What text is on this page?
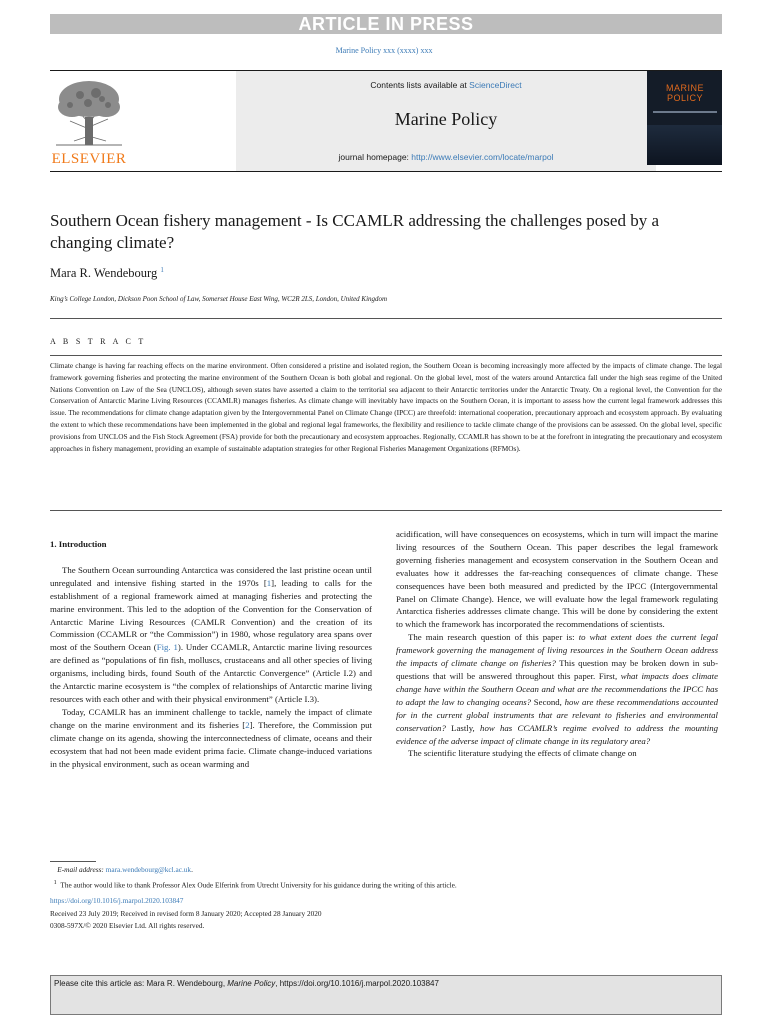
ARTICLE IN PRESS
Marine Policy xxx (xxxx) xxx
ELSEVIER
Contents lists available at ScienceDirect
Marine Policy
journal homepage: http://www.elsevier.com/locate/marpol
MARINE POLICY
Southern Ocean fishery management - Is CCAMLR addressing the challenges posed by a changing climate?
Mara R. Wendebourg $^1$
King’s College London, Dickson Poon School of Law, Somerset House East Wing, WC2R 2LS, London, United Kingdom
A B S T R A C T
Climate change is having far reaching effects on the marine environment. Often considered a pristine and isolated region, the Southern Ocean is becoming increasingly more affected by the impacts of climate change. The legal framework governing fisheries and protecting the marine environment of the Southern Ocean is both global and regional. On the global level, most of the waters around Antarctica fall under the high seas regime of the United Nations Convention on Law of the Sea (UNCLOS), although seven states have asserted a claim to the territorial sea adjacent to their Antarctic territories under the Antarctic Treaty. On a regional level, the Convention for the Conservation of Antarctic Marine Living Resources (CCAMLR) manages fisheries. As climate change will inevitably have impacts on the Southern Ocean, it is important to assess how the current legal framework addresses this issue. The recommendations for climate change adaptation given by the Intergovernmental Panel on Climate Change (IPCC) are threefold: international cooperation, precautionary approach and ecosystem approach. By evaluating the extent to which these recommendations have been implemented in the global and regional legal frameworks, the flexibility and resilience to tackle climate change of the provisions can be assessed. On the global level, specific provisions from UNCLOS and the Fish Stock Agreement (FSA) provide for both the precautionary and ecosystem approaches. Regionally, CCAMLR has shown to be at the forefront in integrating the precautionary and ecosystem approaches in fishery management, providing an example of sustainable adaptation strategies for other Regional Fisheries Management Organizations (RFMOs).
1. Introduction

The Southern Ocean surrounding Antarctica was considered the last pristine ocean until unregulated and intensive fishing started in the 1970s [1], leading to calls for the establishment of a regional framework aimed at managing fisheries and protecting the marine environment. This led to the adoption of the Convention for the Conservation of Antarctic Marine Living Resources (CAMLR Convention) and the creation of its Commission (CCAMLR or “the Commission”) in 1980, whose regulatory area spans over most of the Southern Ocean (Fig. 1). Under CCAMLR, Antarctic marine living resources are defined as “populations of fin fish, molluscs, crustaceans and all other species of living organisms, including birds, found South of the Antarctic Convergence” (Article I.2) and the Antarctic marine ecosystem is “the complex of relationships of Antarctic marine living resources with each other and with their physical environment” (Article I.3).

Today, CCAMLR has an imminent challenge to tackle, namely the impact of climate change on the marine environment and its fisheries [2]. Therefore, the Commission put climate change on its agenda, showing the interconnectedness of climate, oceans and their ecosystem that had not been made evident prima facie. Climate change-induced variations in the physical environment, such as ocean warming and

acidification, will have consequences on ecosystems, which in turn will impact the marine living resources of the Southern Ocean. This paper describes the legal framework governing fisheries management and ecosystem conservation in the Southern Ocean and evaluates how it addresses the far-reaching consequences of climate change. These consequences have been both measured and predicted by the IPCC (Intergovernmental Panel on Climate Change). Hence, we will evaluate how the legal framework regulating Antarctica fisheries addresses climate change. This will be done by considering the extent to which the framework has incorporated the recommendations of scientists.

The main research question of this paper is: to what extent does the current legal framework governing the management of living resources in the Southern Ocean address the impacts of climate change on fisheries? This question may be broken down in sub-questions that will be answered throughout this paper. First, what impacts does climate change have within the Southern Ocean and what are the recommendations the IPCC has to adapt the law to changing oceans? Second, how are these recommendations accounted for in the current global instruments that are relevant to fisheries and environmental conservation? Lastly, how has CCAMLR’s regime evolved to address the mounting evidence of the adverse impact of climate change in its regulatory area?

The scientific literature studying the effects of climate change on

E-mail address: mara.wendebourg@kcl.ac.uk.
$^1$ The author would like to thank Professor Alex Oude Elferink from Utrecht University for his guidance during the writing of this article.
https://doi.org/10.1016/j.marpol.2020.103847
Received 23 July 2019; Received in revised form 8 January 2020; Accepted 28 January 2020
0308-597X/© 2020 Elsevier Ltd. All rights reserved.
Please cite this article as: Mara R. Wendebourg, Marine Policy, https://doi.org/10.1016/j.marpol.2020.103847
